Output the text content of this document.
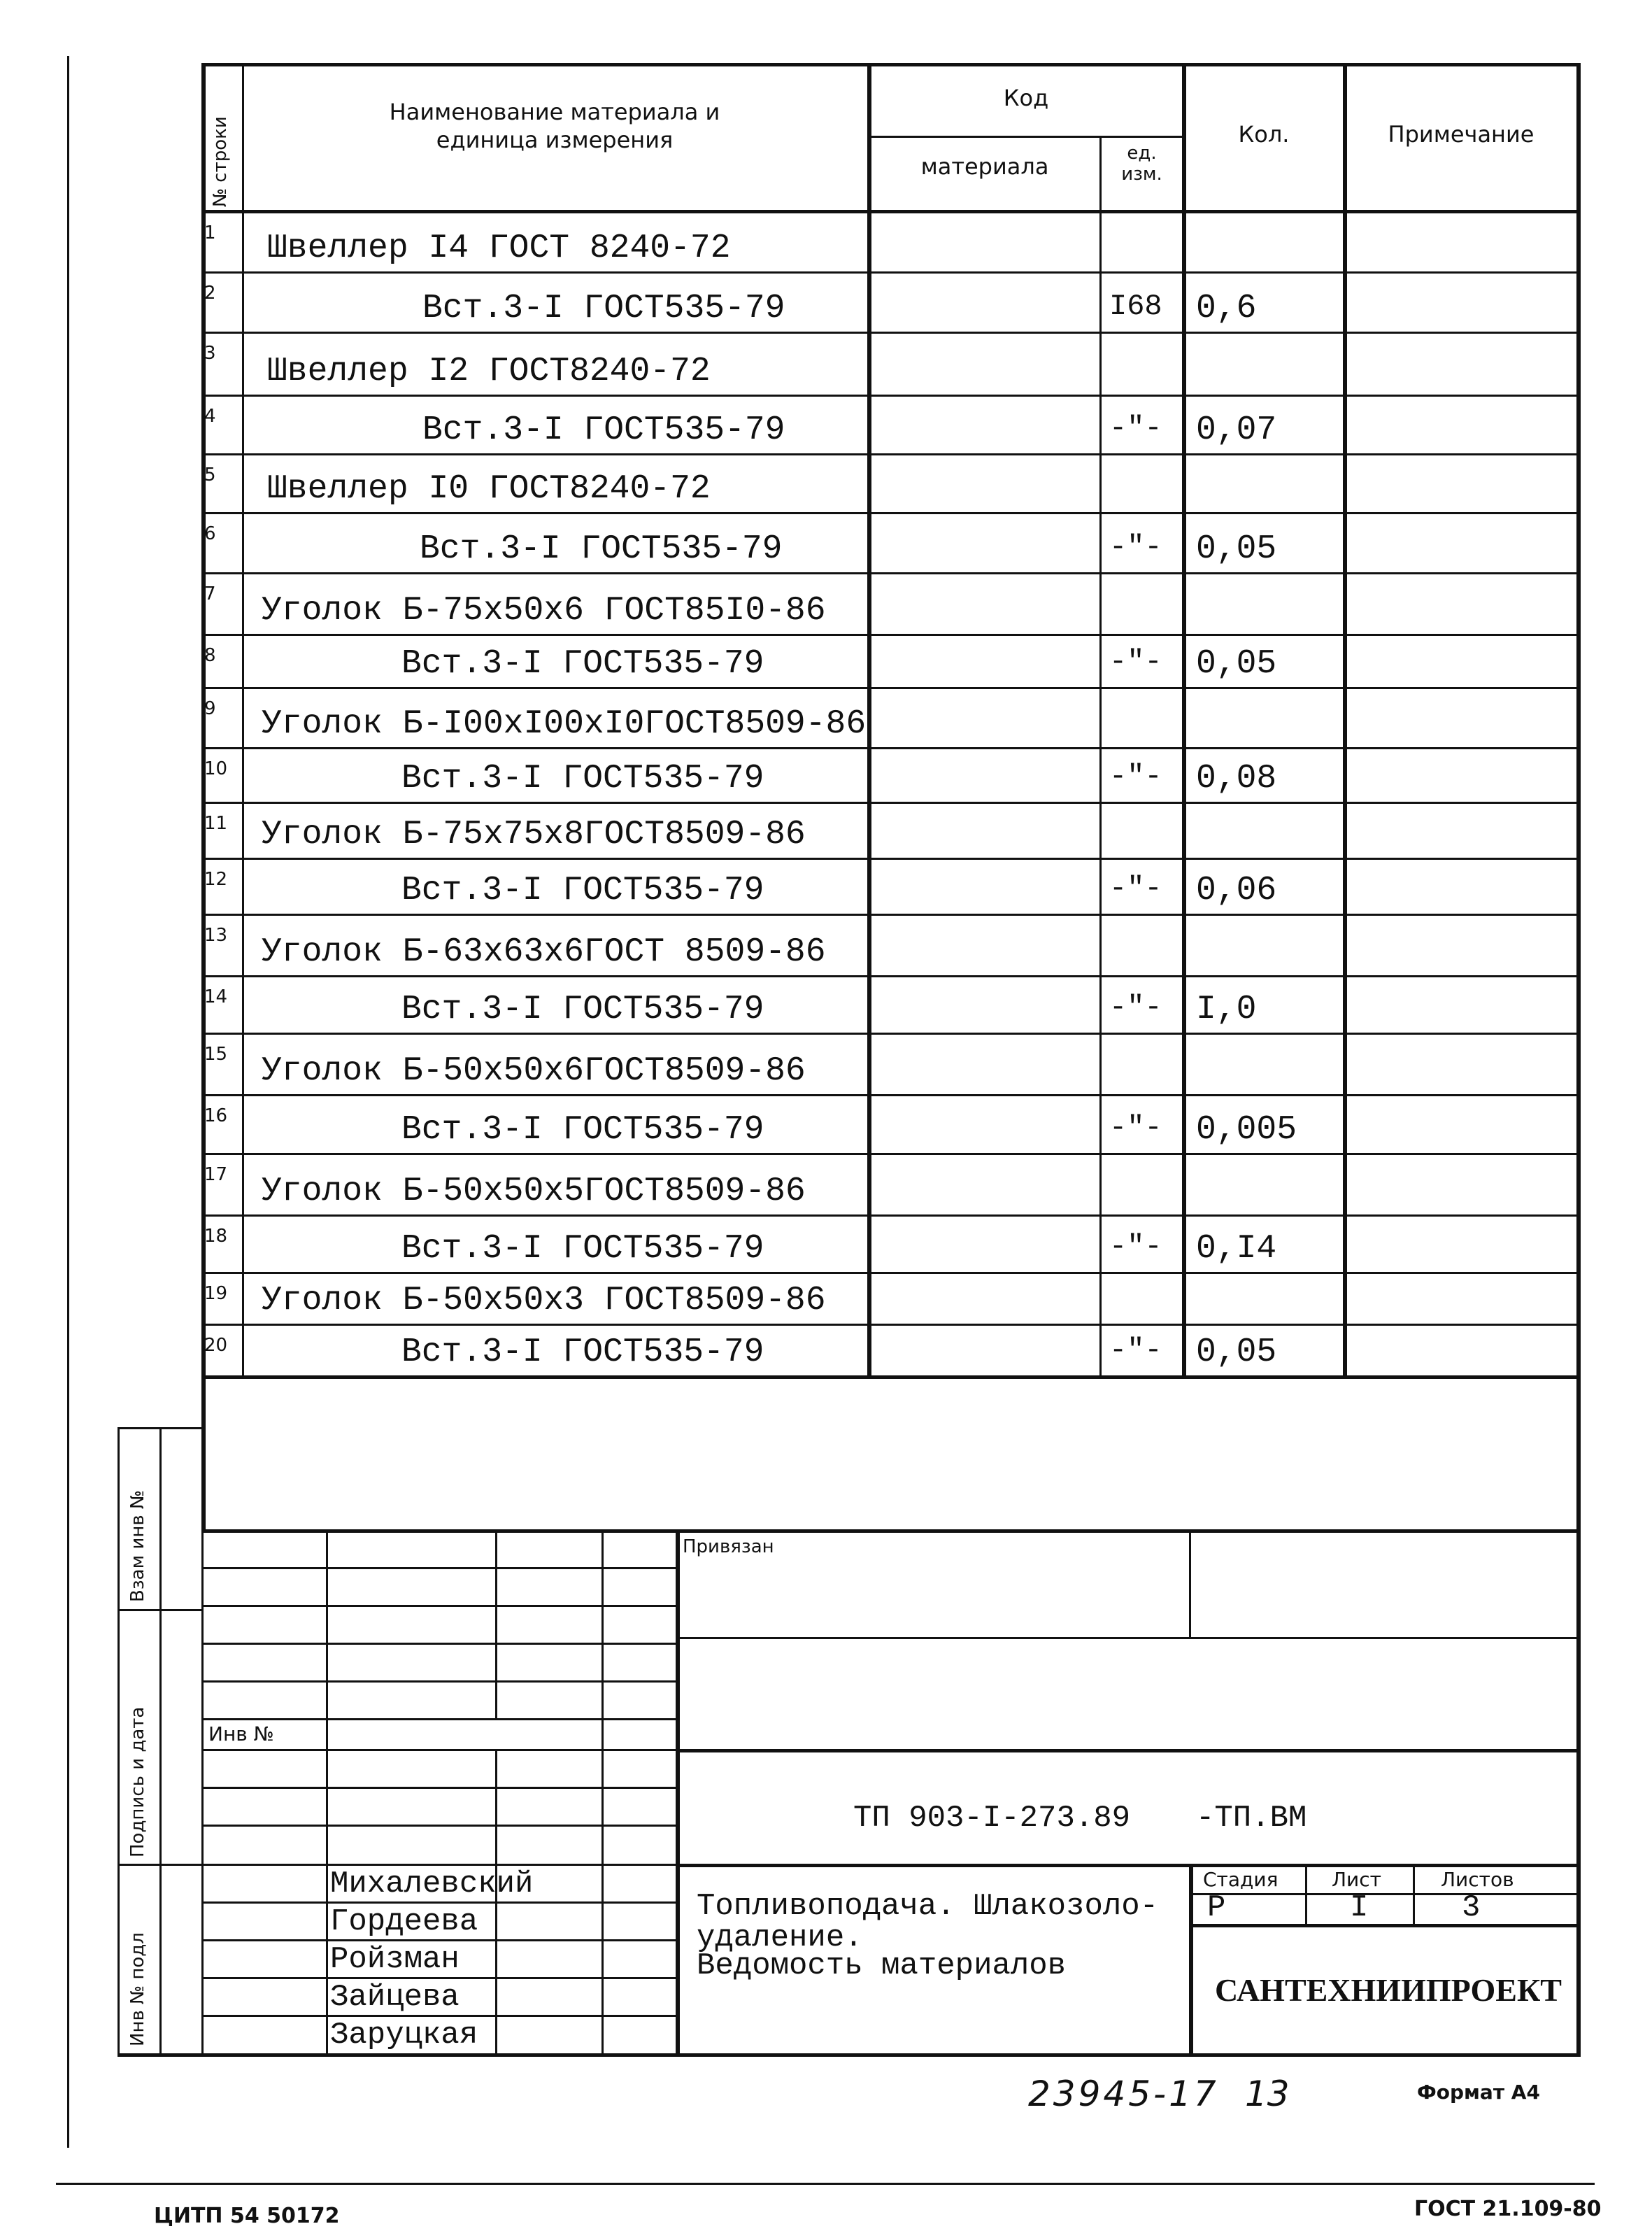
№ строки
Наименование материала и
единица измерения
Код
материала	ед.
изм.
Кол.	Примечание
1	Швеллер I4 ГОСТ 8240-72
2	Вст.3-I ГОСТ535-79	I68 0,6
3	Швеллер I2 ГОСТ8240-72
4	Вст.3-I ГОСТ535-79	-"- 0,07
5	Швеллер I0 ГОСТ8240-72
6	Вст.3-I ГОСТ535-79	-"- 0,05
7	Уголок Б-75х50х6 ГОСТ85I0-86
8	Вст.3-I ГОСТ535-79	-"- 0,05
9	Уголок Б-I00хI00хI0ГОСТ8509-86
10	Вст.3-I ГОСТ535-79	-"- 0,08
11 Уголок Б-75х75х8ГОСТ8509-86
12	Вст.3-I ГОСТ535-79	-"- 0,06
13 Уголок Б-63х63х6ГОСТ 8509-86
14	Вст.3-I ГОСТ535-79	-"- I,0
15 Уголок Б-50х50х6ГОСТ8509-86
16	Вст.3-I ГОСТ535-79	-"- 0,005
17 Уголок Б-50х50х5ГОСТ8509-86
18	Вст.3-I ГОСТ535-79	-"- 0,I4
19 Уголок Б-50х50х3 ГОСТ8509-86
20	Вст.3-I ГОСТ535-79	-"- 0,05
Взам инв №
Подпись и дата
Инв № подл
Привязан
Инв №
ТП 903-I-273.89 -ТП.ВМ
Михалевский
Гордеева
Ройзман
Зайцева
Заруцкая
Топливоподача. Шлакозоло-
удаление.
Ведомость материалов
Стадия	Лист	Листов
Р	I	3
САНТЕХНИИПРОЕКТ
23945-17 13	Формат А4
ЦИТП 54 50172	ГОСТ 21.109-80
